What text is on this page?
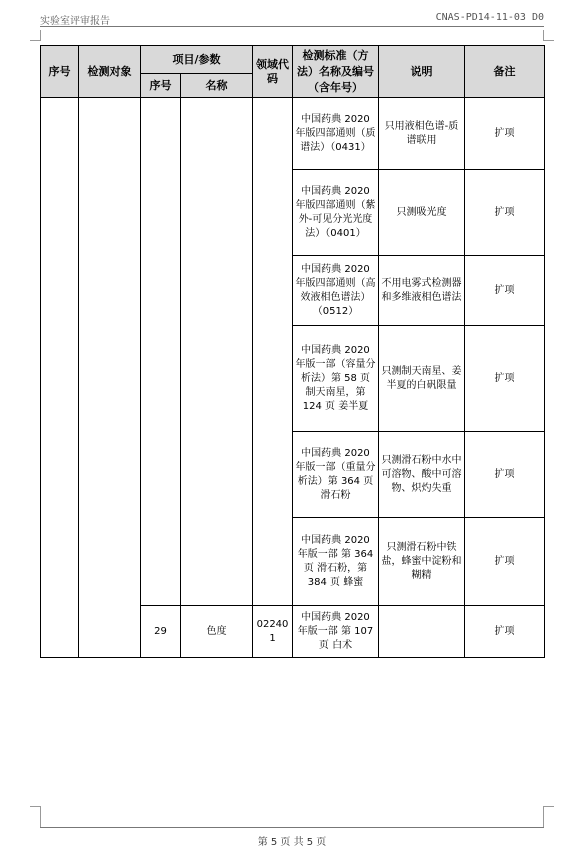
实验室评审报告	CNAS-PD14-11-03 D0
序号	检测对象	项目/参数		领域代码	检测标准（方法）名称及编号（含年号）	说明	备注
		序号	名称				
					中国药典 2020 年版四部通则（质谱法）（0431）	只用液相色谱-质谱联用	扩项
					中国药典 2020 年版四部通则（紫外-可见分光光度法）（0401）	只测吸光度	扩项
					中国药典 2020 年版四部通则（高效液相色谱法）（0512）	不用电雾式检测器和多维液相色谱法	扩项
					中国药典 2020 年版一部（容量分析法）第 58 页 制天南星，第 124 页 姜半夏	只测制天南星、姜半夏的白矾限量	扩项
					中国药典 2020 年版一部（重量分析法）第 364 页 滑石粉	只测滑石粉中水中可溶物、酸中可溶物、炽灼失重	扩项
					中国药典 2020 年版一部 第 364 页 滑石粉，第 384 页 蜂蜜	只测滑石粉中铁盐，蜂蜜中淀粉和糊精	扩项
		29	色度	022401	中国药典 2020 年版一部 第 107 页 白术		扩项
第 5 页 共 5 页
